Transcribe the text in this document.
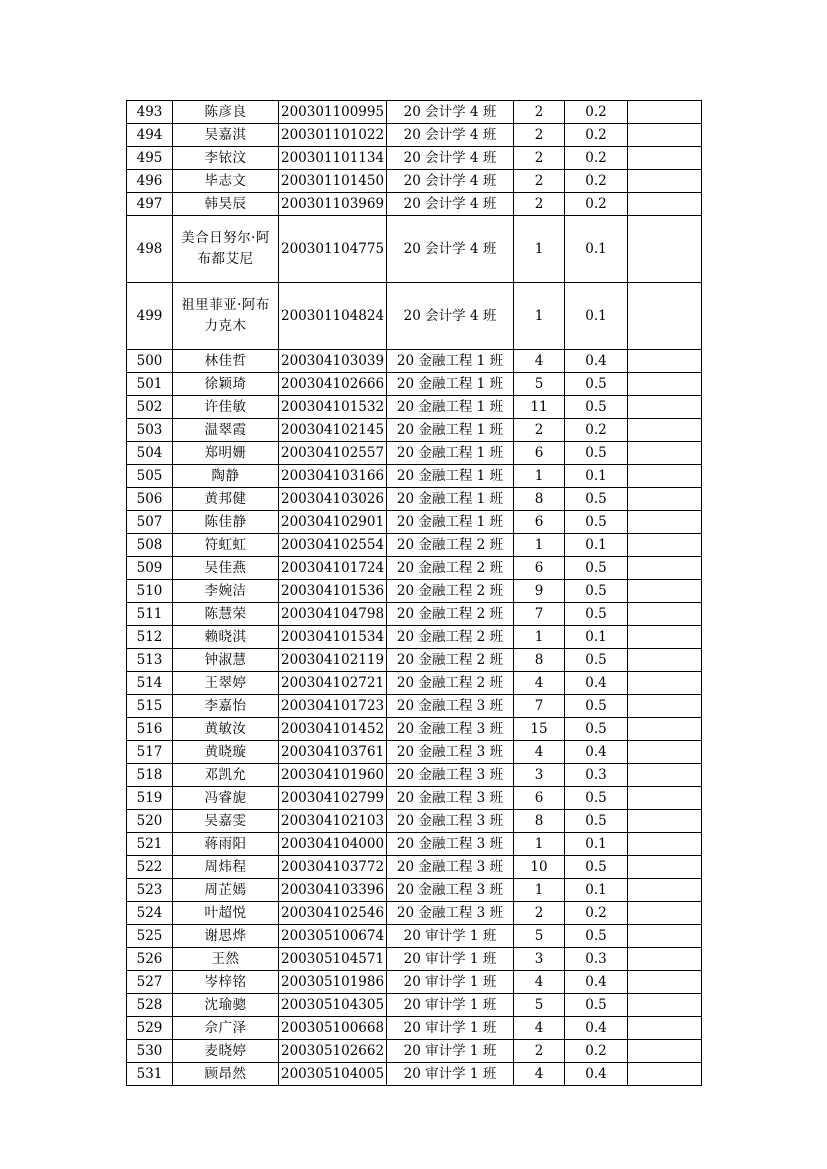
493	陈彦良	200301100995	20 会计学 4 班	2	0.2	
494	吴嘉淇	200301101022	20 会计学 4 班	2	0.2	
495	李铱汶	200301101134	20 会计学 4 班	2	0.2	
496	毕志文	200301101450	20 会计学 4 班	2	0.2	
497	韩昊辰	200301103969	20 会计学 4 班	2	0.2	
498	美合日努尔·阿布都艾尼	200301104775	20 会计学 4 班	1	0.1	
499	祖里菲亚·阿布力克木	200301104824	20 会计学 4 班	1	0.1	
500	林佳哲	200304103039	20 金融工程 1 班	4	0.4	
501	徐颖琦	200304102666	20 金融工程 1 班	5	0.5	
502	许佳敏	200304101532	20 金融工程 1 班	11	0.5	
503	温翠霞	200304102145	20 金融工程 1 班	2	0.2	
504	郑明姗	200304102557	20 金融工程 1 班	6	0.5	
505	陶静	200304103166	20 金融工程 1 班	1	0.1	
506	黄邦健	200304103026	20 金融工程 1 班	8	0.5	
507	陈佳静	200304102901	20 金融工程 1 班	6	0.5	
508	符虹虹	200304102554	20 金融工程 2 班	1	0.1	
509	吴佳燕	200304101724	20 金融工程 2 班	6	0.5	
510	李婉洁	200304101536	20 金融工程 2 班	9	0.5	
511	陈慧荣	200304104798	20 金融工程 2 班	7	0.5	
512	赖晓淇	200304101534	20 金融工程 2 班	1	0.1	
513	钟淑慧	200304102119	20 金融工程 2 班	8	0.5	
514	王翠婷	200304102721	20 金融工程 2 班	4	0.4	
515	李嘉怡	200304101723	20 金融工程 3 班	7	0.5	
516	黄敏汝	200304101452	20 金融工程 3 班	15	0.5	
517	黄晓璇	200304103761	20 金融工程 3 班	4	0.4	
518	邓凯允	200304101960	20 金融工程 3 班	3	0.3	
519	冯睿旎	200304102799	20 金融工程 3 班	6	0.5	
520	吴嘉雯	200304102103	20 金融工程 3 班	8	0.5	
521	蒋雨阳	200304104000	20 金融工程 3 班	1	0.1	
522	周炜程	200304103772	20 金融工程 3 班	10	0.5	
523	周芷嫣	200304103396	20 金融工程 3 班	1	0.1	
524	叶超悦	200304102546	20 金融工程 3 班	2	0.2	
525	谢思烨	200305100674	20 审计学 1 班	5	0.5	
526	王然	200305104571	20 审计学 1 班	3	0.3	
527	岑梓铭	200305101986	20 审计学 1 班	4	0.4	
528	沈瑜骢	200305104305	20 审计学 1 班	5	0.5	
529	佘广泽	200305100668	20 审计学 1 班	4	0.4	
530	麦晓婷	200305102662	20 审计学 1 班	2	0.2	
531	顾昂然	200305104005	20 审计学 1 班	4	0.4	
